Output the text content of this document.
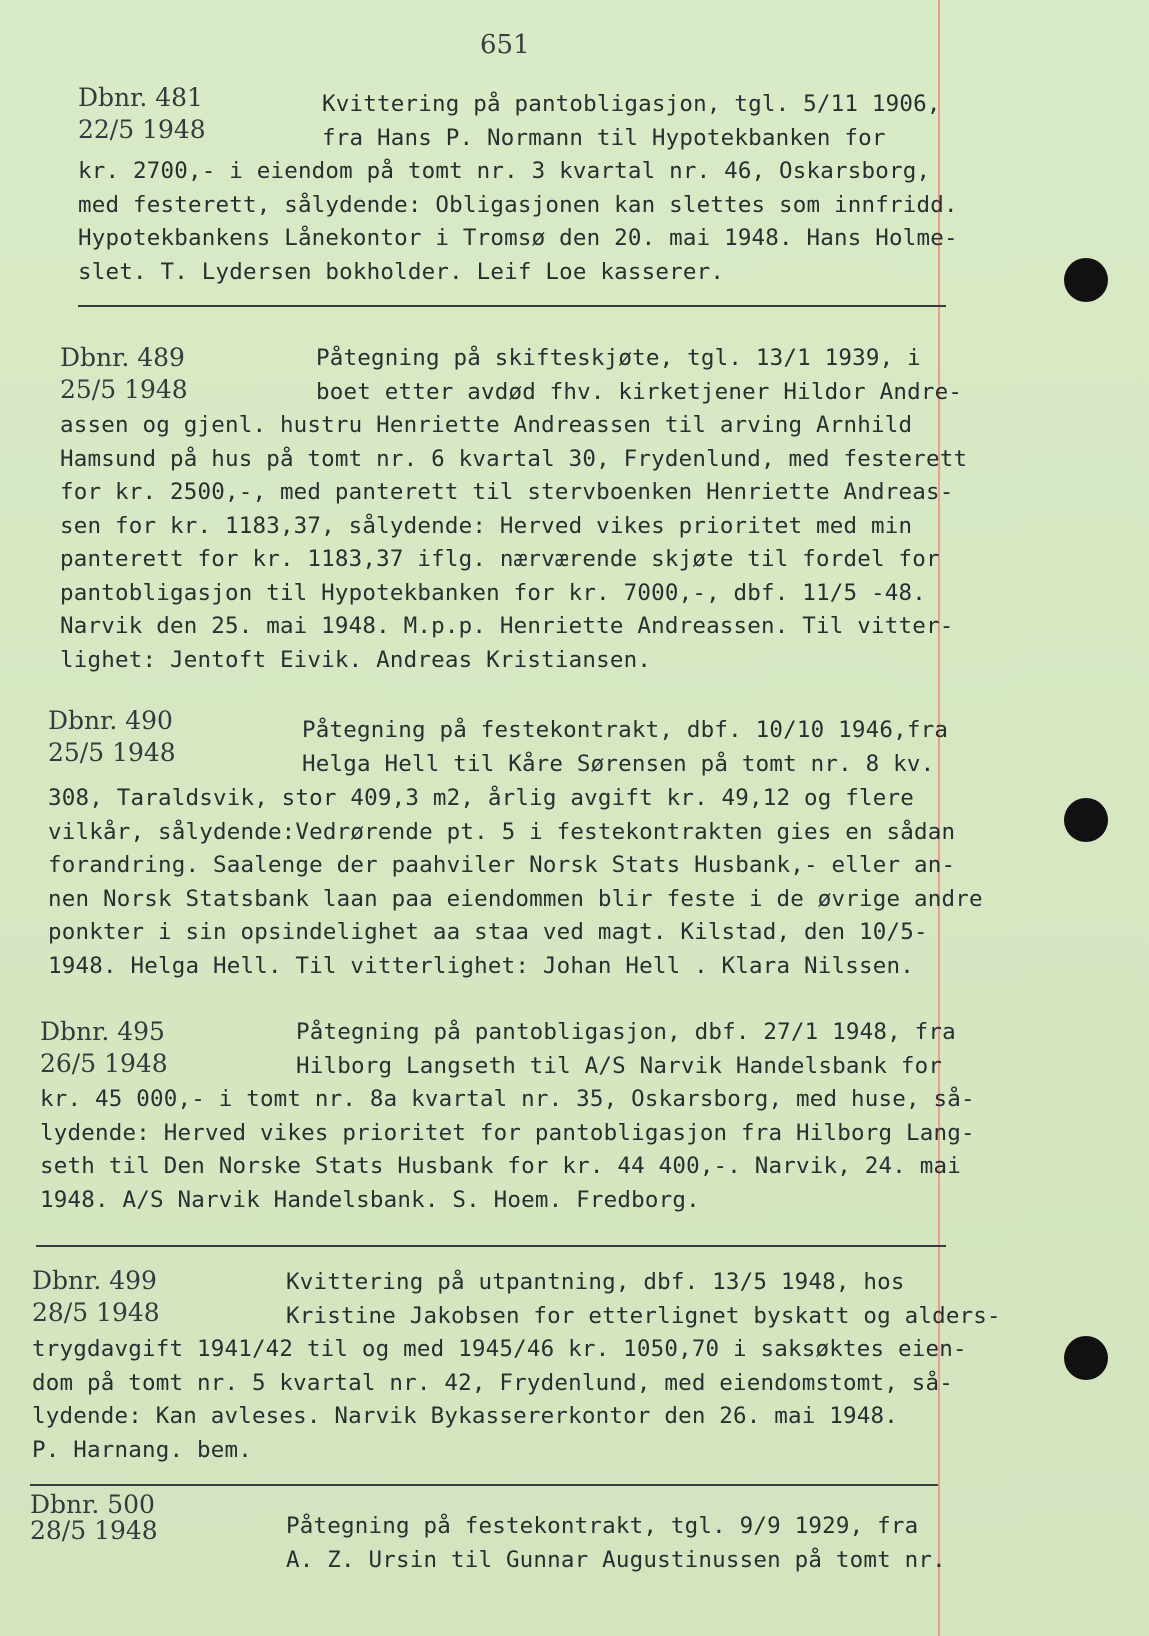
651
Dbnr. 481
22/5 1948
Kvittering på pantobligasjon, tgl. 5/11 1906,
fra Hans P. Normann til Hypotekbanken for
kr. 2700,- i eiendom på tomt nr. 3 kvartal nr. 46, Oskarsborg,
med festerett, sålydende: Obligasjonen kan slettes som innfridd.
Hypotekbankens Lånekontor i Tromsø den 20. mai 1948. Hans Holme-
slet. T. Lydersen bokholder. Leif Loe kasserer.
Dbnr. 489
25/5 1948
Påtegning på skifteskjøte, tgl. 13/1 1939, i
boet etter avdød fhv. kirketjener Hildor Andre-
assen og gjenl. hustru Henriette Andreassen til arving Arnhild
Hamsund på hus på tomt nr. 6 kvartal 30, Frydenlund, med festerett
for kr. 2500,-, med panterett til stervboenken Henriette Andreas-
sen for kr. 1183,37, sålydende: Herved vikes prioritet med min
panterett for kr. 1183,37 iflg. nærværende skjøte til fordel for
pantobligasjon til Hypotekbanken for kr. 7000,-, dbf. 11/5 -48.
Narvik den 25. mai 1948. M.p.p. Henriette Andreassen. Til vitter-
lighet: Jentoft Eivik. Andreas Kristiansen.
Dbnr. 490
25/5 1948
Påtegning på festekontrakt, dbf. 10/10 1946,fra
Helga Hell til Kåre Sørensen på tomt nr. 8 kv.
308, Taraldsvik, stor 409,3 m2, årlig avgift kr. 49,12 og flere
vilkår, sålydende:Vedrørende pt. 5 i festekontrakten gies en sådan
forandring. Saalenge der paahviler Norsk Stats Husbank,- eller an-
nen Norsk Statsbank laan paa eiendommen blir feste i de øvrige andre
ponkter i sin opsindelighet aa staa ved magt. Kilstad, den 10/5-
1948. Helga Hell. Til vitterlighet: Johan Hell . Klara Nilssen.
Dbnr. 495
26/5 1948
Påtegning på pantobligasjon, dbf. 27/1 1948, fra
Hilborg Langseth til A/S Narvik Handelsbank for
kr. 45 000,- i tomt nr. 8a kvartal nr. 35, Oskarsborg, med huse, så-
lydende: Herved vikes prioritet for pantobligasjon fra Hilborg Lang-
seth til Den Norske Stats Husbank for kr. 44 400,-. Narvik, 24. mai
1948. A/S Narvik Handelsbank. S. Hoem. Fredborg.
Dbnr. 499
28/5 1948
Kvittering på utpantning, dbf. 13/5 1948, hos
Kristine Jakobsen for etterlignet byskatt og alders-
trygdavgift 1941/42 til og med 1945/46 kr. 1050,70 i saksøktes eien-
dom på tomt nr. 5 kvartal nr. 42, Frydenlund, med eiendomstomt, så-
lydende: Kan avleses. Narvik Bykassererkontor den 26. mai 1948.
P. Harnang. bem.
Dbnr. 500
28/5 1948	Påtegning på festekontrakt, tgl. 9/9 1929, fra
A. Z. Ursin til Gunnar Augustinussen på tomt nr.
